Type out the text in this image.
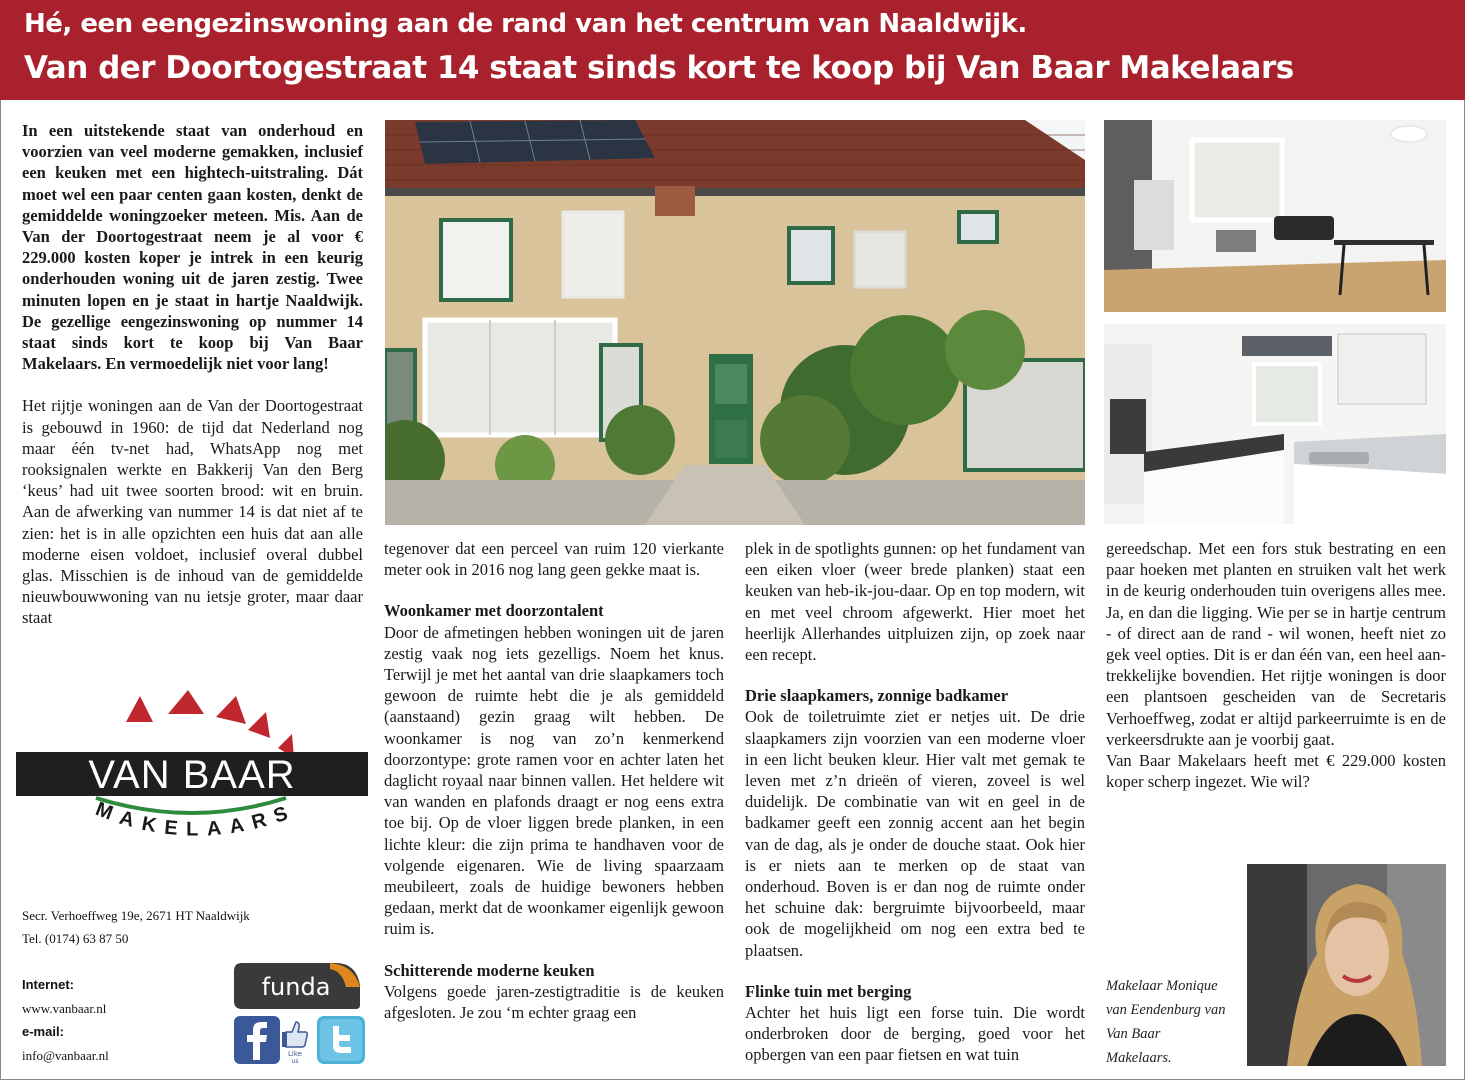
Hé, een eengezinswoning aan de rand van het centrum van Naaldwijk.
Van der Doortogestraat 14 staat sinds kort te koop bij Van Baar Makelaars

In een uitstekende staat van onderhoud en voorzien van veel moderne gemakken, inclusief een keuken met een hightech-uitstraling. Dát moet wel een paar centen gaan kosten, denkt de gemiddelde woningzoeker meteen. Mis. Aan de Van der Doortogestraat neem je al voor € 229.000 kosten koper je intrek in een keurig onderhouden woning uit de jaren zestig. Twee minuten lopen en je staat in hartje Naaldwijk. De gezellige eengezinswoning op nummer 14 staat sinds kort te koop bij Van Baar Makelaars. En vermoedelijk niet voor lang!

Het rijtje woningen aan de Van der Doortogestraat is gebouwd in 1960: de tijd dat Nederland nog maar één tv-net had, WhatsApp nog met rooksignalen werkte en Bakkerij Van den Berg ‘keus’ had uit twee soorten brood: wit en bruin. Aan de afwerking van nummer 14 is dat niet af te zien: het is in alle opzichten een huis dat aan alle moderne eisen voldoet, inclusief overal dubbel glas. Misschien is de inhoud van de gemiddelde nieuwbouwwoning van nu ietsje groter, maar daar staat

VAN BAAR
MAKELAARS
Secr. Verhoeffweg 19e, 2671 HT Naaldwijk
Tel. (0174) 63 87 50
Internet:
www.vanbaar.nl
e-mail:
info@vanbaar.nl
funda
Like
us

tegenover dat een perceel van ruim 120 vierkante meter ook in 2016 nog lang geen gekke maat is.

Woonkamer met doorzontalent

Door de afmetingen hebben woningen uit de jaren zestig vaak nog iets gezelligs. Noem het knus. Terwijl je met het aantal van drie slaapkamers toch gewoon de ruimte hebt die je als gemiddeld (aanstaand) gezin graag wilt hebben. De woonkamer is nog van zo’n kenmerkend doorzontype: grote ramen voor en achter laten het daglicht royaal naar binnen vallen. Het heldere wit van wanden en plafonds draagt er nog eens extra toe bij. Op de vloer liggen brede planken, in een lichte kleur: die zijn prima te handhaven voor de volgende eigenaren. Wie de living spaarzaam meubileert, zoals de huidige bewoners hebben gedaan, merkt dat de woonkamer eigenlijk gewoon ruim is.

Schitterende moderne keuken

Volgens goede jaren-zestigtraditie is de keuken afgesloten. Je zou ‘m echter graag een

plek in de spotlights gunnen: op het fundament van een eiken vloer (weer brede planken) staat een keuken van heb-ik-jou-daar. Op en top modern, wit en met veel chroom afgewerkt. Hier moet het heerlijk Allerhandes uitpluizen zijn, op zoek naar een recept.

Drie slaapkamers, zonnige badkamer

Ook de toiletruimte ziet er netjes uit. De drie slaapkamers zijn voorzien van een moderne vloer in een licht beuken kleur. Hier valt met gemak te leven met z’n drieën of vieren, zoveel is wel duidelijk. De combinatie van wit en geel in de badkamer geeft een zonnig accent aan het begin van de dag, als je onder de douche staat. Ook hier is er niets aan te merken op de staat van onderhoud. Boven is er dan nog de ruimte onder het schuine dak: bergruimte bijvoorbeeld, maar ook de mogelijkheid om nog een extra bed te plaatsen.

Flinke tuin met berging

Achter het huis ligt een forse tuin. Die wordt onderbroken door de berging, goed voor het opbergen van een paar fietsen en wat tuin

gereedschap. Met een fors stuk bestrating en een paar hoeken met planten en struiken valt het werk in de keurig onderhouden tuin overigens alles mee. Ja, en dan die ligging. Wie per se in hartje centrum - of direct aan de rand - wil wonen, heeft niet zo gek veel opties. Dit is er dan één van, een heel aantrekkelijke bovendien. Het rijtje woningen is door een plantsoen gescheiden van de Secretaris Verhoeffweg, zodat er altijd parkeerruimte is en de verkeersdrukte aan je voorbij gaat.

Van Baar Makelaars heeft met € 229.000 kosten koper scherp ingezet. Wie wil?

Makelaar Monique
van Eendenburg van
Van Baar
Makelaars.
